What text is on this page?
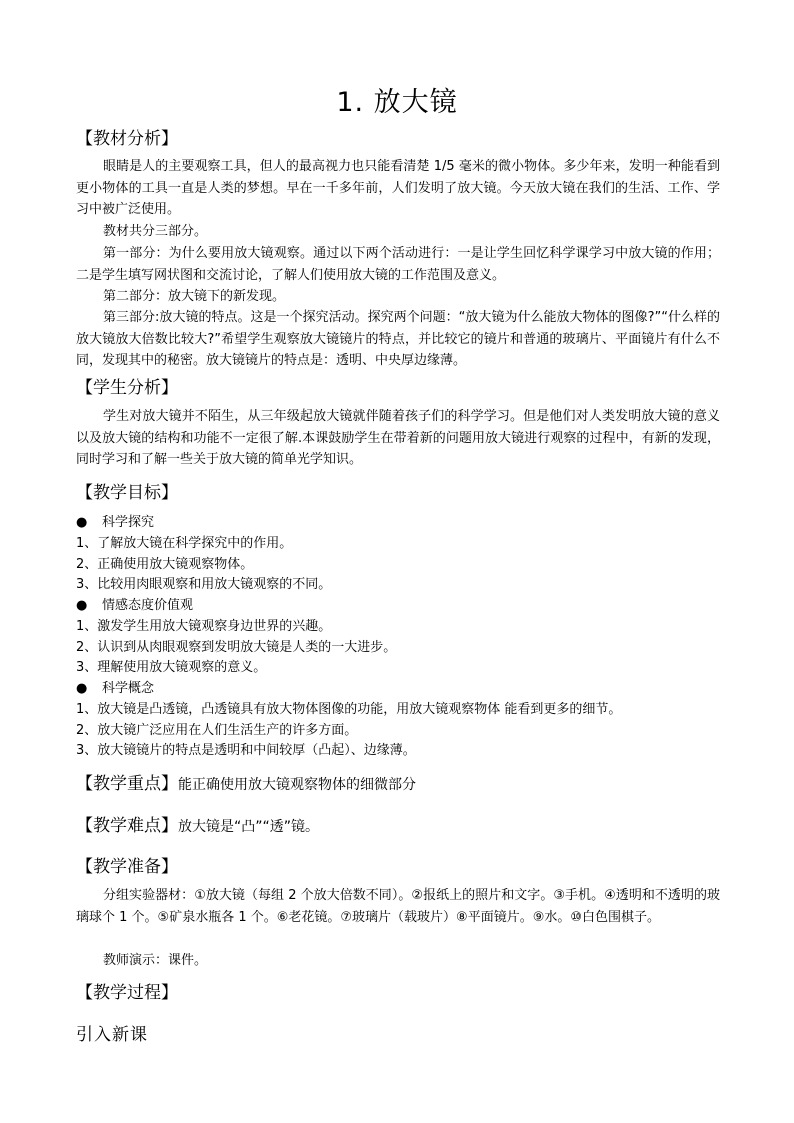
1. 放大镜
【教材分析】

眼睛是人的主要观察工具，但人的最高视力也只能看清楚 1/5 毫米的微小物体。多少年来，发明一种能看到更小物体的工具一直是人类的梦想。早在一千多年前，人们发明了放大镜。今天放大镜在我们的生活、工作、学习中被广泛使用。

教材共分三部分。

第一部分：为什么要用放大镜观察。通过以下两个活动进行：一是让学生回忆科学课学习中放大镜的作用；二是学生填写网状图和交流讨论，了解人们使用放大镜的工作范围及意义。

第二部分：放大镜下的新发现。

第三部分:放大镜的特点。这是一个探究活动。探究两个问题：“放大镜为什么能放大物体的图像?”“什么样的放大镜放大倍数比较大?”希望学生观察放大镜镜片的特点，并比较它的镜片和普通的玻璃片、平面镜片有什么不同，发现其中的秘密。放大镜镜片的特点是：透明、中央厚边缘薄。

【学生分析】

学生对放大镜并不陌生，从三年级起放大镜就伴随着孩子们的科学学习。但是他们对人类发明放大镜的意义以及放大镜的结构和功能不一定很了解.本课鼓励学生在带着新的问题用放大镜进行观察的过程中，有新的发现，同时学习和了解一些关于放大镜的简单光学知识。

【教学目标】
● 科学探究
1、了解放大镜在科学探究中的作用。
2、正确使用放大镜观察物体。
3、比较用肉眼观察和用放大镜观察的不同。
● 情感态度价值观
1、激发学生用放大镜观察身边世界的兴趣。
2、认识到从肉眼观察到发明放大镜是人类的一大进步。
3、理解使用放大镜观察的意义。
● 科学概念
1、放大镜是凸透镜，凸透镜具有放大物体图像的功能，用放大镜观察物体 能看到更多的细节。
2、放大镜广泛应用在人们生活生产的许多方面。
3、放大镜镜片的特点是透明和中间较厚（凸起）、边缘薄。
【教学重点】能正确使用放大镜观察物体的细微部分
【教学难点】放大镜是“凸”“透”镜。
【教学准备】

分组实验器材：①放大镜（每组 2 个放大倍数不同）。②报纸上的照片和文字。③手机。④透明和不透明的玻璃球个 1 个。⑤矿泉水瓶各 1 个。⑥老花镜。⑦玻璃片（载玻片）⑧平面镜片。⑨水。⑩白色围棋子。

教师演示：课件。

【教学过程】
引入新课
